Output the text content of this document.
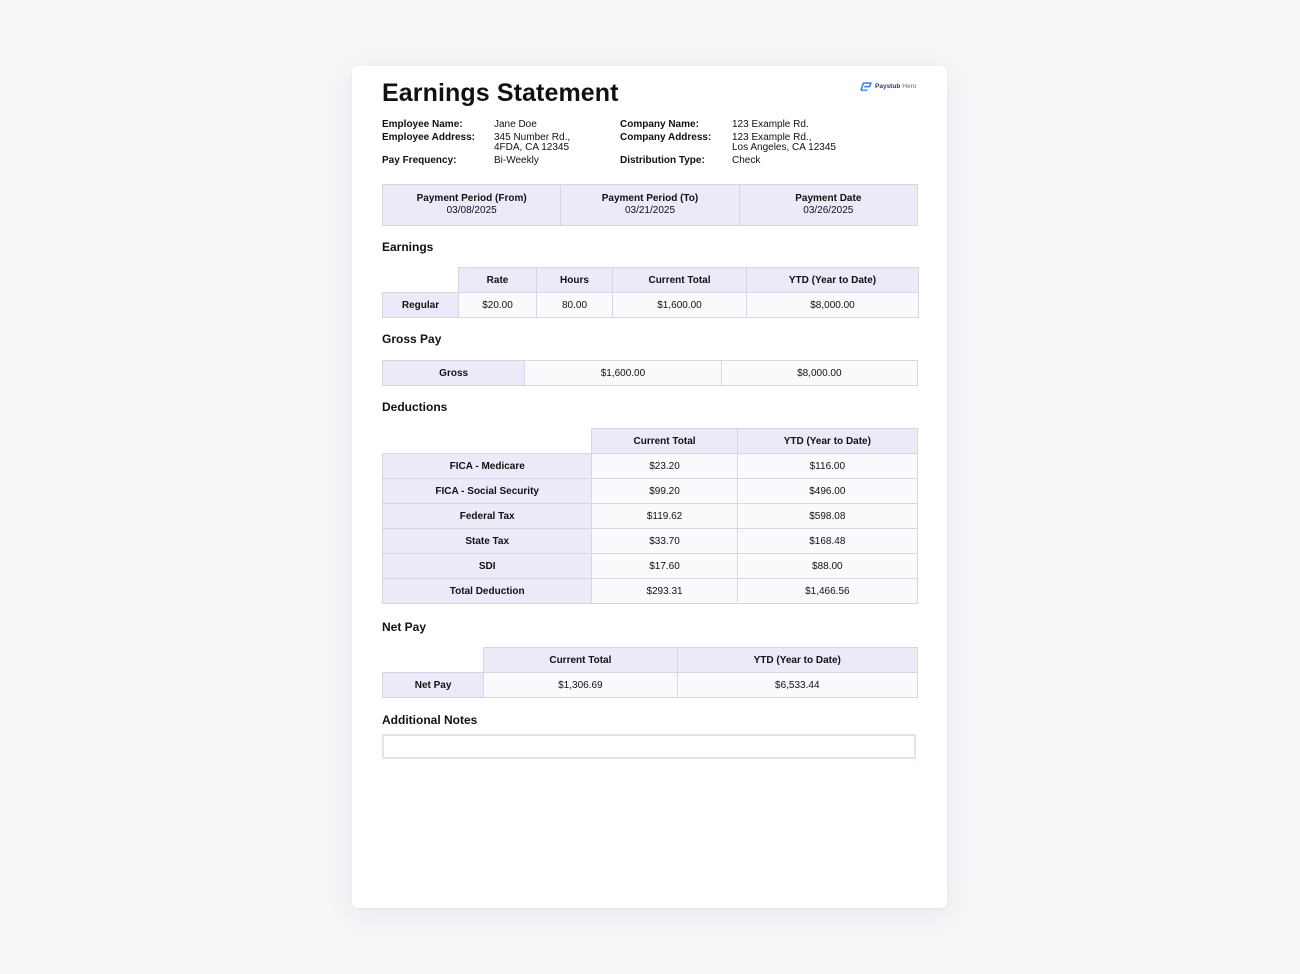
Earnings Statement	Paystub Hero
Employee Name:	Jane Doe
Employee Address:	345 Number Rd.,
4FDA, CA 12345
Pay Frequency:	Bi-Weekly
Company Name:	123 Example Rd.
Company Address:	123 Example Rd.,
Los Angeles, CA 12345
Distribution Type:	Check
Payment Period (From)
03/08/2025
Payment Period (To)
03/21/2025
Payment Date
03/26/2025
Earnings
	Rate	Hours	Current Total	YTD (Year to Date)
Regular	$20.00	80.00	$1,600.00	$8,000.00
Gross Pay
Gross	$1,600.00	$8,000.00
Deductions
	Current Total	YTD (Year to Date)
FICA - Medicare	$23.20	$116.00
FICA - Social Security	$99.20	$496.00
Federal Tax	$119.62	$598.08
State Tax	$33.70	$168.48
SDI	$17.60	$88.00
Total Deduction	$293.31	$1,466.56
Net Pay
	Current Total	YTD (Year to Date)
Net Pay	$1,306.69	$6,533.44
Additional Notes
